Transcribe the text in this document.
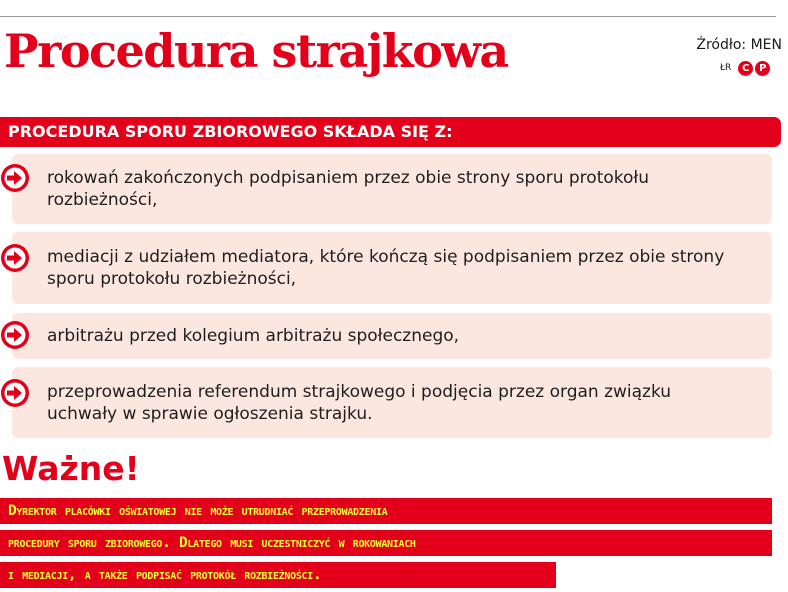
Procedura strajkowa	Źródło: MEN
ŁR	C P
PROCEDURA SPORU ZBIOROWEGO SKŁADA SIĘ Z:
rokowań zakończonych podpisaniem przez obie strony sporu protokołu rozbieżności,
mediacji z udziałem mediatora, które kończą się podpisaniem przez obie strony sporu protokołu rozbieżności,
arbitrażu przed kolegium arbitrażu społecznego,
przeprowadzenia referendum strajkowego i podjęcia przez organ związku uchwały w sprawie ogłoszenia strajku.
Ważne!
Dyrektor placówki oświatowej nie może utrudniać przeprowadzenia
procedury sporu zbiorowego. Dlatego musi uczestniczyć w rokowaniach
i mediacji, a także podpisać protokół rozbieżności.
